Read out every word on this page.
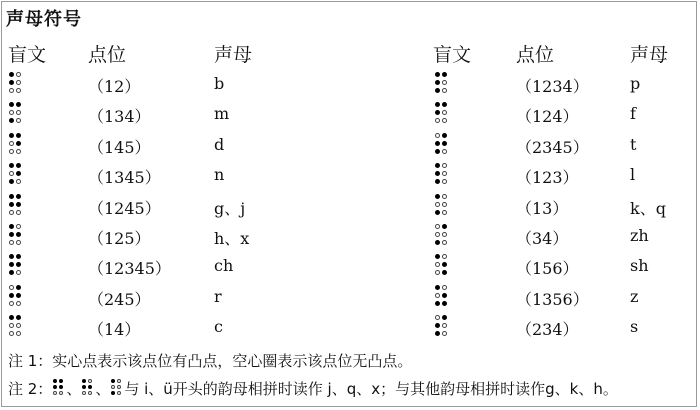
声母符号
盲文 点位	声母	盲文 点位	声母
（12）	b
（134）	m
（145）	d
（1345）	n
（1245）	g、j
（125）	h、x
（12345）	ch
（245）	r
（14）	c
（1234）	p
（124）	f
（2345）	t
（123）	l
（13）	k、q
（34）	zh
（156）	sh
（1356）	z
（234）	s
注 1：实心点表示该点位有凸点，空心圈表示该点位无凸点。
注 2： 、 、 与 i、ü开头的韵母相拼时读作 j、q、x；与其他韵母相拼时读作g、k、h。
